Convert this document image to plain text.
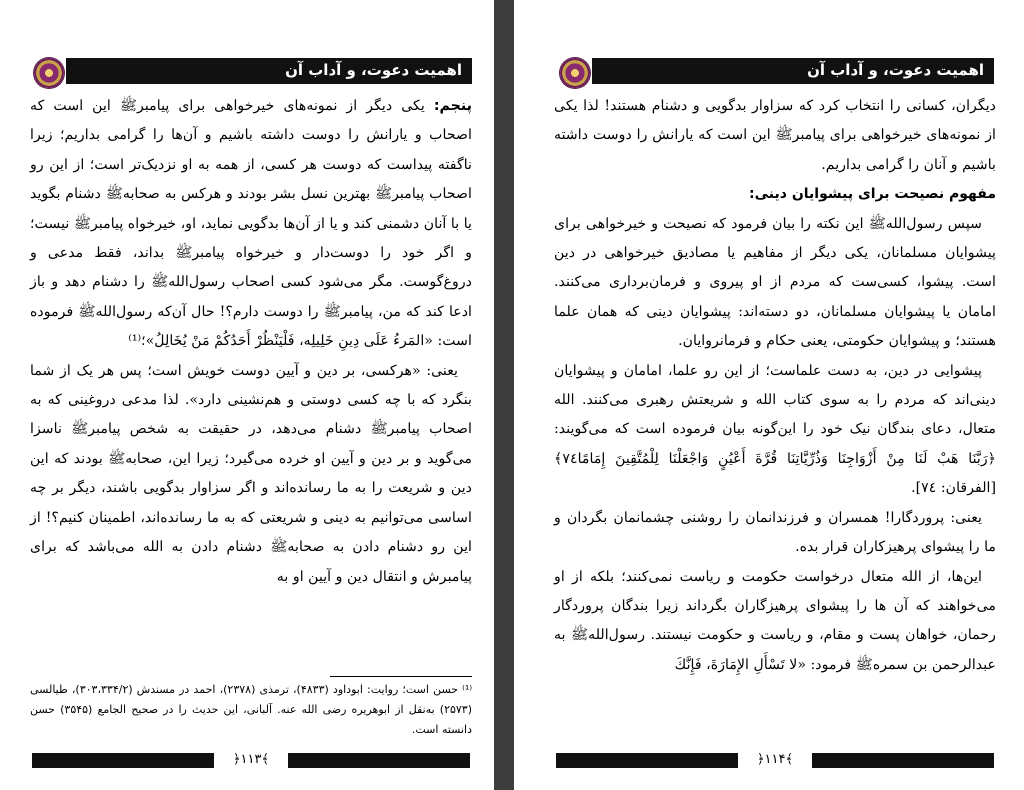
اهمیت دعوت، و آداب آن

پنجم: یکی دیگر از نمونه‌های خیرخواهی برای پیامبرﷺ این است که اصحاب و یارانش را دوست داشته باشیم و آن‌ها را گرامی بداریم؛ زیرا ناگفته پیداست که دوست هر کسی، از همه به او نزدیک‌تر است؛ از این رو اصحاب پیامبرﷺ بهترین نسل بشر بودند و هرکس به صحابهﷺ دشنام بگوید یا با آنان دشمنی کند و یا از آن‌ها بدگویی نماید، او، خیرخواه پیامبرﷺ نیست؛ و اگر خود را دوست‌دار و خیرخواه پیامبرﷺ بداند، فقط مدعی و دروغ‌گوست. مگر می‌شود کسی اصحاب رسول‌اللهﷺ را دشنام دهد و باز ادعا کند که من، پیامبرﷺ را دوست دارم؟! حال آن‌که رسول‌اللهﷺ فرموده است: «المَرءُ عَلَى دِينِ خَلِيلِه، فَلْيَنْظُرْ أَحَدُكُمْ مَنْ يُخَالِلُ»؛⁽¹⁾

یعنی: «هرکسی، بر دین و آیین دوست خویش است؛ پس هر یک از شما بنگرد که با چه کسی دوستی و هم‌نشینی دارد». لذا مدعی دروغینی که به اصحاب پیامبرﷺ دشنام می‌دهد، در حقیقت به شخص پیامبرﷺ ناسزا می‌گوید و بر دین و آیین او خرده می‌گیرد؛ زیرا این، صحابهﷺ بودند که این دین و شریعت را به ما رسانده‌اند و اگر سزاوار بدگویی باشند، دیگر بر چه اساسی می‌توانیم به دینی و شریعتی که به ما رسانده‌اند، اطمینان کنیم؟! از این رو دشنام دادن به صحابهﷺ دشنام دادن به الله می‌باشد که برای پیامبرش و انتقال دین و آیین او به

⁽¹⁾ حسن است؛ روایت: ابوداود (۴۸۳۳)، ترمذی (۲۳۷۸)، احمد در مسندش (۳۰۳،۳۳۴/۲)، طیالسی (۲۵۷۳) به‌نقل از ابوهریره رضی الله عنه. آلبانی، این حدیث را در صحیح الجامع (۳۵۴۵) حسن دانسته است.
﴿۱۱۳﴾
اهمیت دعوت، و آداب آن

دیگران، کسانی را انتخاب کرد که سزاوار بدگویی و دشنام هستند! لذا یکی از نمونه‌های خیرخواهی برای پیامبرﷺ این است که یارانش را دوست داشته باشیم و آنان را گرامی بداریم.

مفهوم نصیحت برای پیشوایان دینی:

سپس رسول‌اللهﷺ این نکته را بیان فرمود که نصیحت و خیرخواهی برای پیشوایان مسلمانان، یکی دیگر از مفاهیم یا مصادیق خیرخواهی در دین است. پیشوا، کسی‌ست که مردم از او پیروی و فرمان‌برداری می‌کنند. امامان یا پیشوایان مسلمانان، دو دسته‌اند: پیشوایان دینی که همان علما هستند؛ و پیشوایان حکومتی، یعنی حکام و فرمانروایان.

پیشوایی در دین، به دست علماست؛ از این رو علما، امامان و پیشوایان دینی‌اند که مردم را به سوی کتاب الله و شریعتش رهبری می‌کنند. الله متعال، دعای بندگان نیک خود را این‌گونه بیان فرموده است که می‌گویند: ﴿رَبَّنَا هَبْ لَنَا مِنْ أَزْوَاجِنَا وَذُرِّيَّاتِنَا قُرَّةَ أَعْيُنٍ وَاجْعَلْنَا لِلْمُتَّقِينَ إِمَامًا٧٤﴾ [الفرقان: ٧٤].

یعنی: پروردگارا! همسران و فرزندانمان را روشنی چشمانمان بگردان و ما را پیشوای پرهیزکاران قرار بده.

این‌ها، از الله متعال درخواست حکومت و ریاست نمی‌کنند؛ بلکه از او می‌خواهند که آن ها را پیشوای پرهیزگاران بگرداند زیرا بندگان پروردگار رحمان، خواهان پست و مقام، و ریاست و حکومت نیستند. رسول‌اللهﷺ به عبدالرحمن بن سمرهﷺ فرمود: «لا تَسْأَلِ الإِمَارَةَ، فَإِنَّكَ

﴿۱۱۴﴾
